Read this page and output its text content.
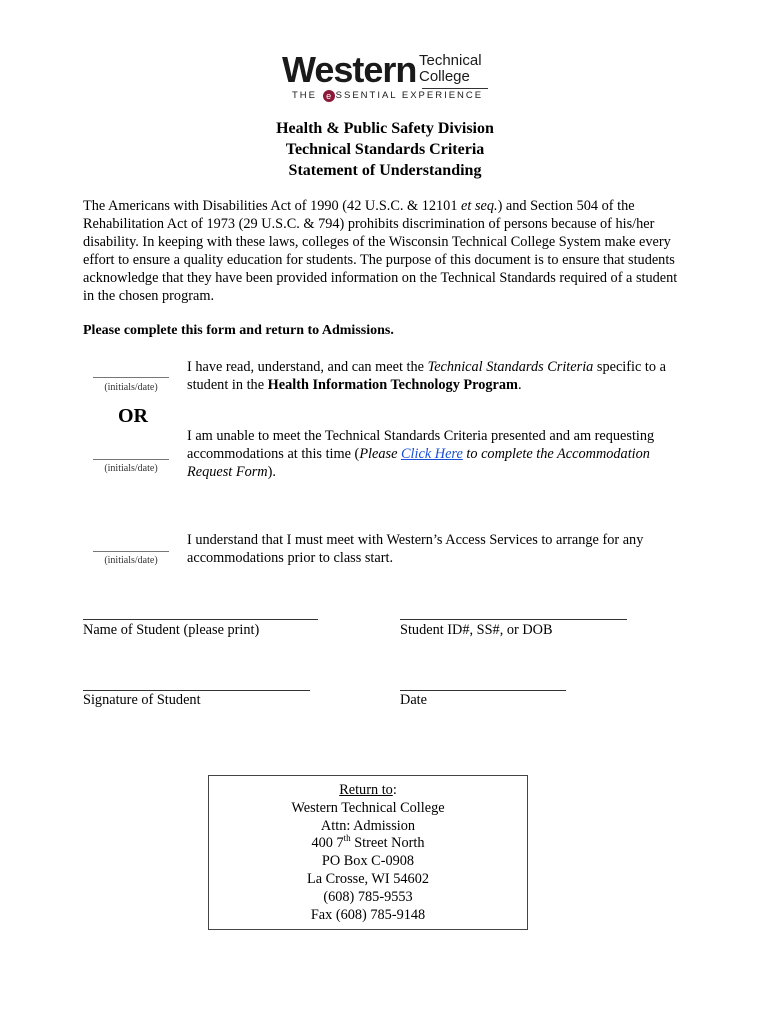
Western Technical
College
THE e SSENTIAL EXPERIENCE
Health & Public Safety Division
Technical Standards Criteria
Statement of Understanding
The Americans with Disabilities Act of 1990 (42 U.S.C. & 12101 et seq.) and Section 504 of the Rehabilitation Act of 1973 (29 U.S.C. & 794) prohibits discrimination of persons because of his/her disability. In keeping with these laws, colleges of the Wisconsin Technical College System make every effort to ensure a quality education for students. The purpose of this document is to ensure that students acknowledge that they have been provided information on the Technical Standards required of a student in the chosen program.
Please complete this form and return to Admissions.
(initials/date)
I have read, understand, and can meet the Technical Standards Criteria specific to a student in the Health Information Technology Program.
OR
(initials/date)
I am unable to meet the Technical Standards Criteria presented and am requesting accommodations at this time (Please Click Here to complete the Accommodation Request Form).
(initials/date)
I understand that I must meet with Western’s Access Services to arrange for any accommodations prior to class start.
Name of Student (please print)	Student ID#, SS#, or DOB
Signature of Student	Date
Return to:
Western Technical College
Attn: Admission
400 7th Street North
PO Box C-0908
La Crosse, WI 54602
(608) 785-9553
Fax (608) 785-9148
